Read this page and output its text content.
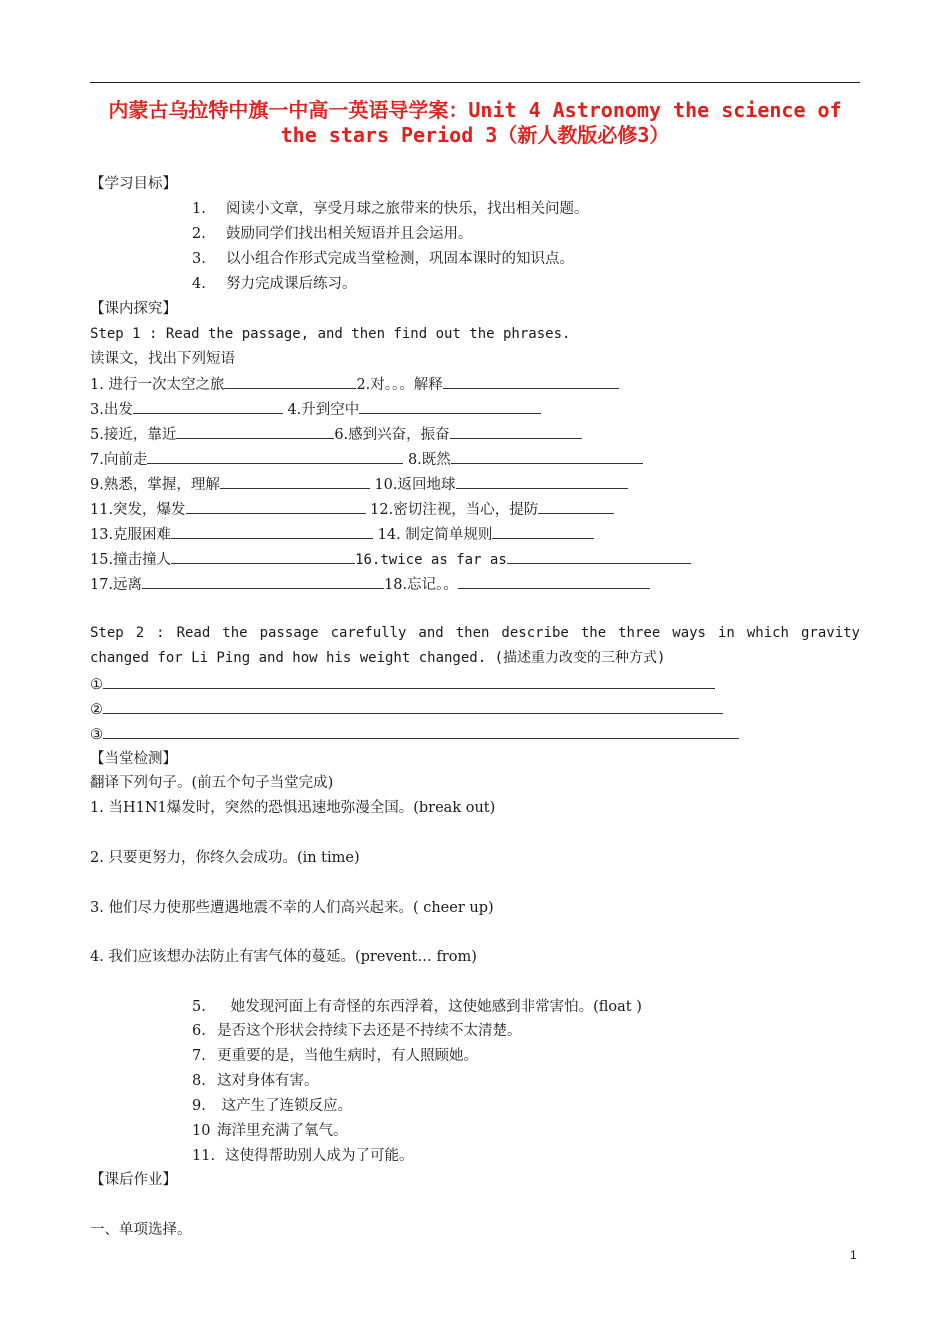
内蒙古乌拉特中旗一中高一英语导学案：Unit 4 Astronomy the science of the stars Period 3（新人教版必修3）
【学习目标】
1. 阅读小文章，享受月球之旅带来的快乐，找出相关问题。
2. 鼓励同学们找出相关短语并且会运用。
3. 以小组合作形式完成当堂检测，巩固本课时的知识点。
4. 努力完成课后练习。
【课内探究】
Step 1 : Read the passage, and then find out the phrases.
读课文，找出下列短语
1. 进行一次太空之旅	2.对。。。解释
3.出发	4.升到空中
5.接近，靠近	6.感到兴奋，振奋
7.向前走	8.既然
9.熟悉，掌握，理解	10.返回地球
11.突发，爆发	12.密切注视，当心，提防
13.克服困难	14. 制定简单规则
15.撞击撞人	16.twice as far as
17.远离	18.忘记。。
Step 2 : Read the passage carefully and then describe the three ways in which gravity changed for Li Ping and how his weight changed. (描述重力改变的三种方式)
①
②
③
【当堂检测】
翻译下列句子。(前五个句子当堂完成)
1. 当H1N1爆发时，突然的恐惧迅速地弥漫全国。(break out)
2. 只要更努力，你终久会成功。(in time)
3. 他们尽力使那些遭遇地震不幸的人们高兴起来。( cheer up)
4. 我们应该想办法防止有害气体的蔓延。(prevent… from)
5. 她发现河面上有奇怪的东西浮着，这使她感到非常害怕。(float )
6. 是否这个形状会持续下去还是不持续不太清楚。
7. 更重要的是，当他生病时，有人照顾她。
8. 这对身体有害。
9. 这产生了连锁反应。
10 海洋里充满了氧气。
11. 这使得帮助别人成为了可能。
【课后作业】
一、单项选择。
1
